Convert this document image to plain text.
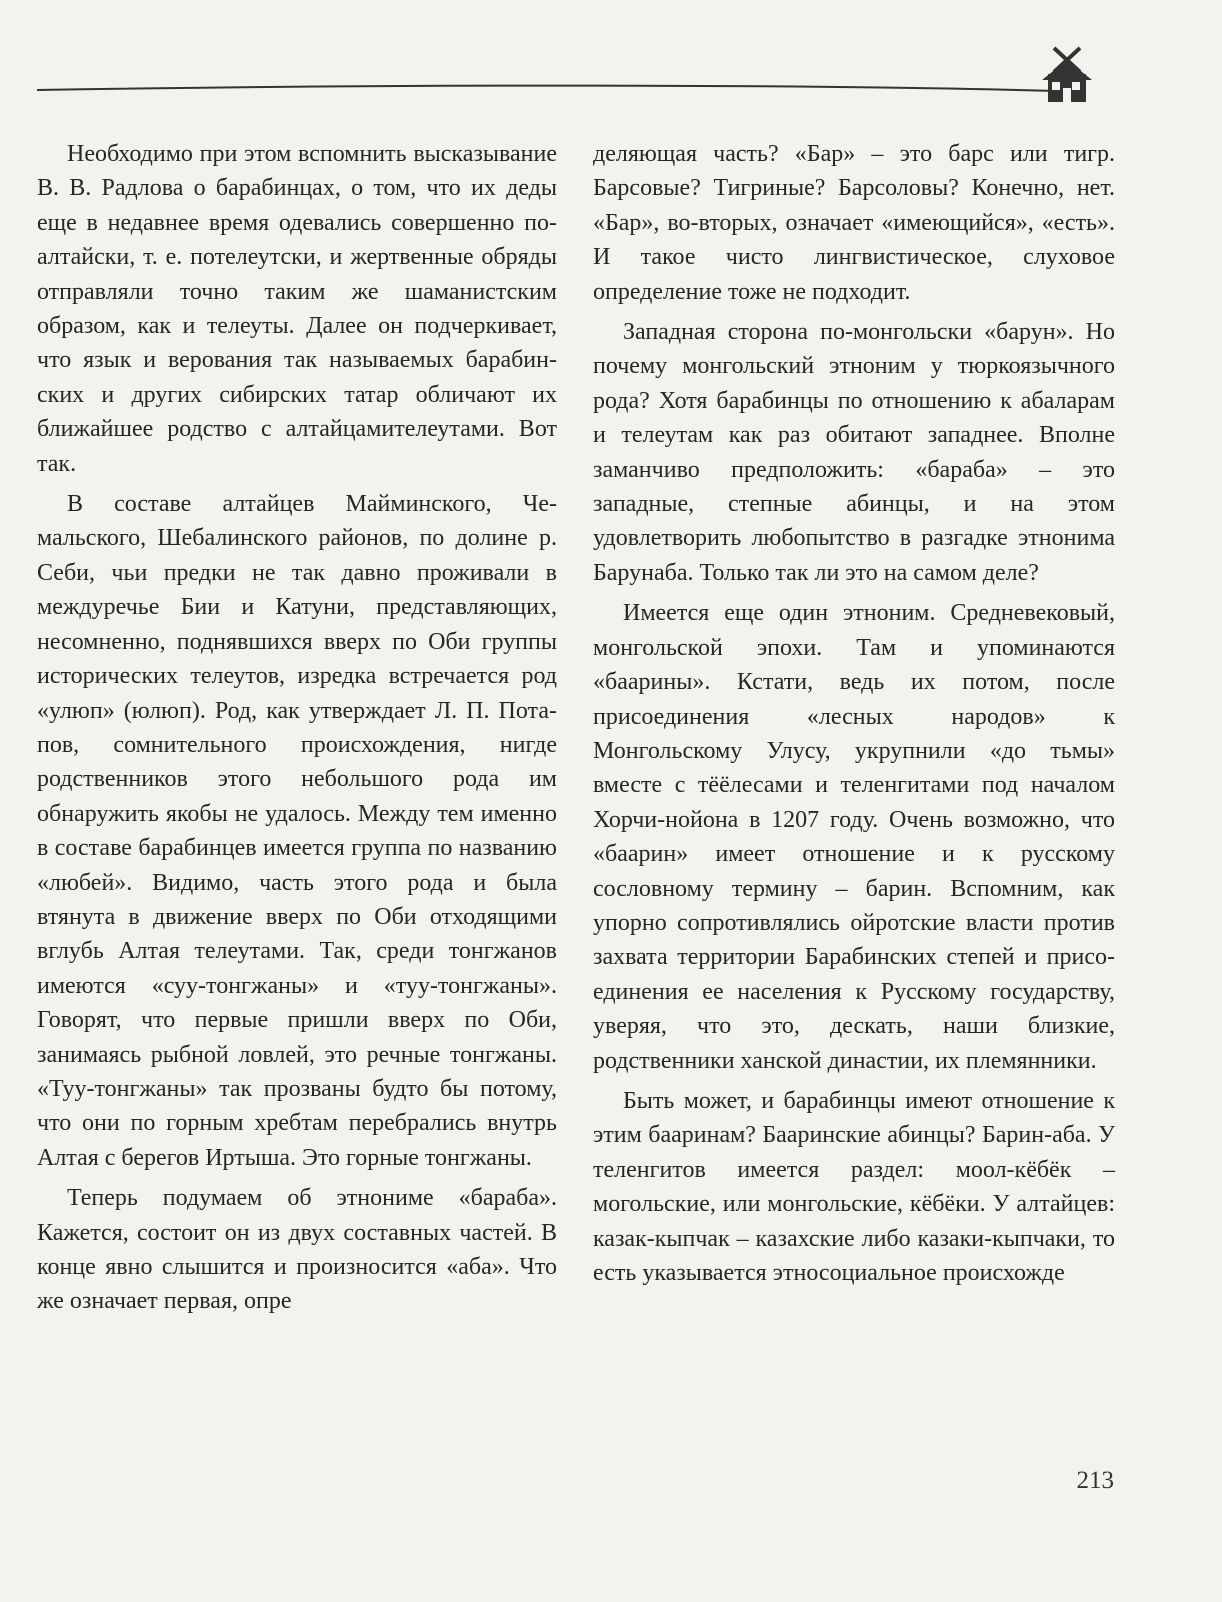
Необходимо при этом вспомнить высказывание В. В. Радлова о барабинцах, о том, что их деды еще в недавнее время одевались совершенно по-алтайски, т. е. потелеутски, и жертвенные обряды отправляли точно таким же шаманистским образом, как и телеуты. Далее он подчеркивает, что язык и верования так называемых барабинских и других сибирских татар обличают их ближайшее родство с алтайцамителеутами. Вот так.

В составе алтайцев Майминского, Чемальского, Шебалинского районов, по долине р. Себи, чьи предки не так давно проживали в междуречье Бии и Катуни, представляющих, несомненно, поднявшихся вверх по Оби группы исторических телеутов, изредка встречается род «улюп» (юлюп). Род, как утверждает Л. П. Потапов, сомнительного происхождения, нигде родственников этого небольшого рода им обнаружить якобы не удалось. Между тем именно в составе барабинцев имеется группа по названию «любей». Видимо, часть этого рода и была втянута в движение вверх по Оби отходящими вглубь Алтая телеутами. Так, среди тонгжанов имеются «суу-тонгжаны» и «туу-тонгжаны». Говорят, что первые пришли вверх по Оби, занимаясь рыбной ловлей, это речные тонгжаны. «Туу-тонгжаны» так прозваны будто бы потому, что они по горным хребтам перебрались внутрь Алтая с берегов Иртыша. Это горные тонгжаны.

Теперь подумаем об этнониме «бараба». Кажется, состоит он из двух составных частей. В конце явно слышится и произносится «аба». Что же означает первая, опре

деляющая часть? «Бар» – это барс или тигр. Барсовые? Тигриные? Барсоловы? Конечно, нет. «Бар», во-вторых, означает «имеющийся», «есть». И такое чисто лингвистическое, слуховое определение тоже не подходит.

Западная сторона по-монгольски «барун». Но почему монгольский этноним у тюркоязычного рода? Хотя барабинцы по отношению к абаларам и телеутам как раз обитают западнее. Вполне заманчиво предположить: «бараба» – это западные, степные абинцы, и на этом удовлетворить любопытство в разгадке этнонима Барунаба. Только так ли это на самом деле?

Имеется еще один этноним. Средневековый, монгольской эпохи. Там и упоминаются «баарины». Кстати, ведь их потом, после присоединения «лесных народов» к Монгольскому Улусу, укрупнили «до тьмы» вместе с тёёлесами и теленгитами под началом Хорчи-нойона в 1207 году. Очень возможно, что «баарин» имеет отношение и к русскому сословному термину – барин. Вспомним, как упорно сопротивлялись ойротские власти против захвата территории Барабинских степей и присоединения ее населения к Русскому государству, уверяя, что это, дескать, наши близкие, родственники ханской династии, их племянники.

Быть может, и барабинцы имеют отношение к этим бааринам? Бааринские абинцы? Барин-аба. У теленгитов имеется раздел: моол-кёбёк – могольские, или монгольские, кёбёки. У алтайцев: казак-кыпчак – казахские либо казаки-кыпчаки, то есть указывается этносоциальное происхожде

213
